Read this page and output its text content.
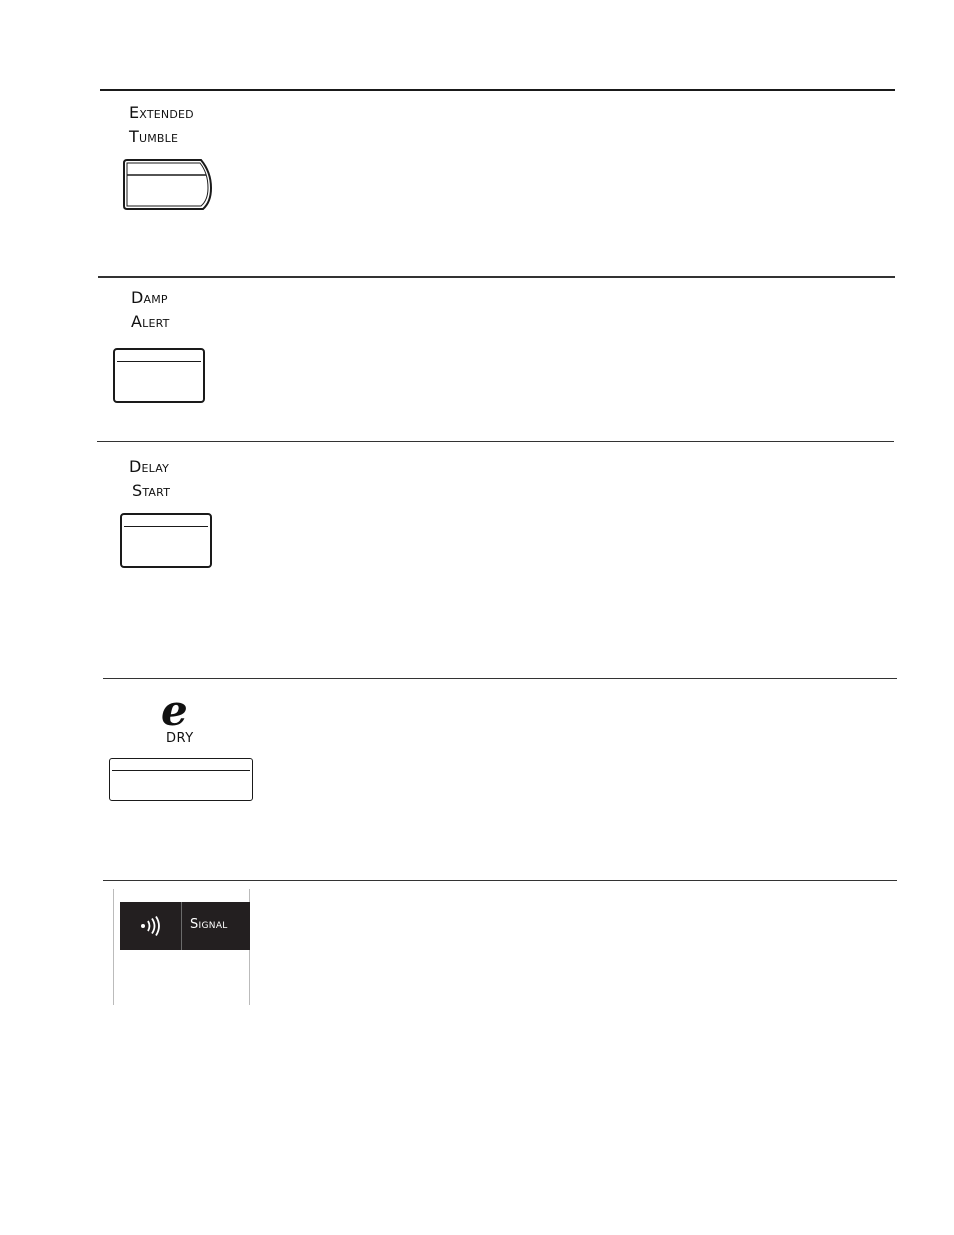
Extended
Tumble
Damp
Alert
Delay
Start
e
DRY
Signal
